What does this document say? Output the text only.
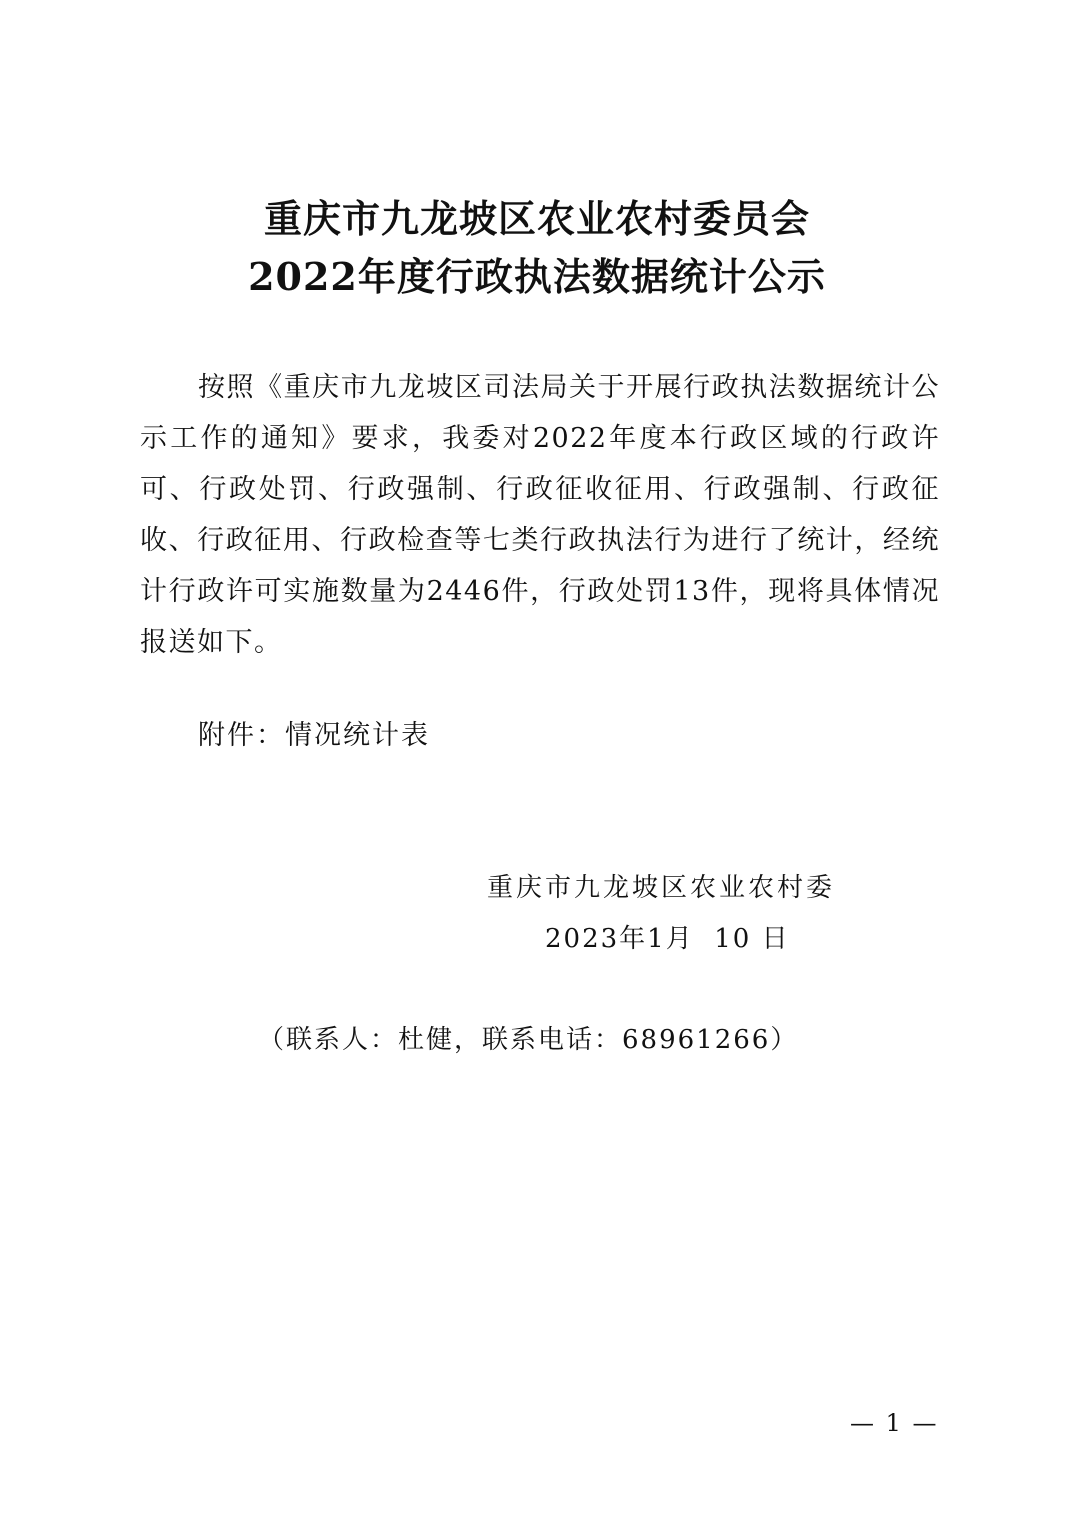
重庆市九龙坡区农业农村委员会
2022年度行政执法数据统计公示

按照《重庆市九龙坡区司法局关于开展行政执法数据统计公示工作的通知》要求，我委对2022年度本行政区域的行政许可、行政处罚、行政强制、行政征收征用、行政强制、行政征收、行政征用、行政检查等七类行政执法行为进行了统计，经统计行政许可实施数量为2446件，行政处罚13件，现将具体情况报送如下。

附件：情况统计表
重庆市九龙坡区农业农村委
2023年1月  10 日
（联系人：杜健，联系电话：68961266）
— 1 —
